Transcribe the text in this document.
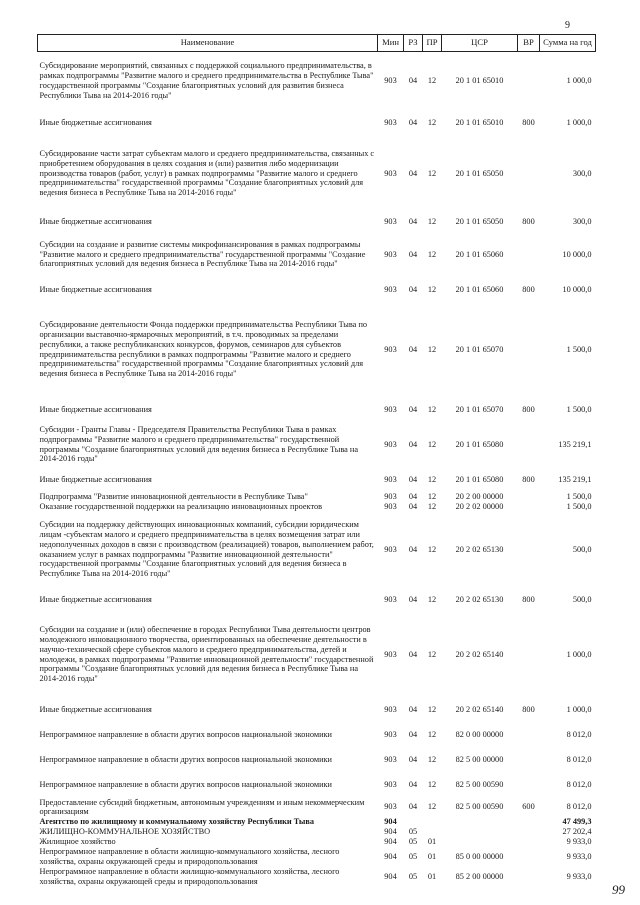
9
Наименование	Мин	РЗ	ПР	ЦСР	ВР	Сумма на год
Субсидирование мероприятий, связанных с поддержкой социального предпринимательства, в рамках подпрограммы "Развитие малого и среднего предпринимательства в Республике Тыва" государственной программы "Создание благоприятных условий для развития бизнеса Республики Тыва на 2014-2016 годы"	903	04	12	20 1 01 65010		1 000,0
Иные бюджетные ассигнования	903	04	12	20 1 01 65010	800	1 000,0
Субсидирование части затрат субъектам малого и среднего предпринимательства, связанных с приобретением оборудования в целях создания и (или) развития либо модернизации производства товаров (работ, услуг) в рамках подпрограммы "Развитие малого и среднего предпринимательства" государственной программы "Создание благоприятных условий для ведения бизнеса в Республике Тыва на 2014-2016 годы"	903	04	12	20 1 01 65050		300,0
Иные бюджетные ассигнования	903	04	12	20 1 01 65050	800	300,0
Субсидии на создание и развитие системы микрофинансирования в рамках подпрограммы "Развитие малого и среднего предпринимательства" государственной программы "Создание благоприятных условий для ведения бизнеса в Республике Тыва на 2014-2016 годы"	903	04	12	20 1 01 65060		10 000,0
Иные бюджетные ассигнования	903	04	12	20 1 01 65060	800	10 000,0
Субсидирование деятельности Фонда поддержки предпринимательства Республики Тыва по организации выставочно-ярмарочных мероприятий, в т.ч. проводимых за пределами республики, а также республиканских конкурсов, форумов, семинаров для субъектов предпринимательства республики в рамках подпрограммы "Развитие малого и среднего предпринимательства" государственной программы "Создание благоприятных условий для ведения бизнеса в Республике Тыва на 2014-2016 годы"	903	04	12	20 1 01 65070		1 500,0
Иные бюджетные ассигнования	903	04	12	20 1 01 65070	800	1 500,0
Субсидии - Гранты Главы - Председателя Правительства Республики Тыва в рамках подпрограммы "Развитие малого и среднего предпринимательства" государственной программы "Создание благоприятных условий для ведения бизнеса в Республике Тыва на 2014-2016 годы"	903	04	12	20 1 01 65080		135 219,1
Иные бюджетные ассигнования	903	04	12	20 1 01 65080	800	135 219,1
Подпрограмма "Развитие инновационной деятельности в Республике Тыва"	903	04	12	20 2 00 00000		1 500,0
Оказание государственной поддержки на реализацию инновационных проектов	903	04	12	20 2 02 00000		1 500,0
Субсидии на поддержку действующих инновационных компаний, субсидии юридическим лицам -субъектам малого и среднего предпринимательства в целях возмещения затрат или недополученных доходов в связи с производством (реализацией) товаров, выполнением работ, оказанием услуг в рамках подпрограммы "Развитие инновационной деятельности" государственной программы "Создание благоприятных условий для ведения бизнеса в Республике Тыва на 2014-2016 годы"	903	04	12	20 2 02 65130		500,0
Иные бюджетные ассигнования	903	04	12	20 2 02 65130	800	500,0
Субсидии на создание и (или) обеспечение в городах Республики Тыва деятельности центров молодежного инновационного творчества, ориентированных на обеспечение деятельности в научно-технической сфере субъектов малого и среднего предпринимательства, детей и молодежи, в рамках подпрограммы "Развитие инновационной деятельности" государственной программы "Создание благоприятных условий для ведения бизнеса в Республике Тыва на 2014-2016 годы"	903	04	12	20 2 02 65140		1 000,0
Иные бюджетные ассигнования	903	04	12	20 2 02 65140	800	1 000,0
Непрограммное направление в области других вопросов национальной экономики	903	04	12	82 0 00 00000		8 012,0
Непрограммное направление в области других вопросов национальной экономики	903	04	12	82 5 00 00000		8 012,0
Непрограммное направление в области других вопросов национальной экономики	903	04	12	82 5 00 00590		8 012,0
Предоставление субсидий бюджетным, автономным учреждениям и иным некоммерческим организациям	903	04	12	82 5 00 00590	600	8 012,0
Агентство по жилищному и коммунальному хозяйству Республики Тыва	904					47 499,3
ЖИЛИЩНО-КОММУНАЛЬНОЕ ХОЗЯЙСТВО	904	05				27 202,4
Жилищное хозяйство	904	05	01			9 933,0
Непрограммное направление в области жилищно-коммунального хозяйства, лесного хозяйства, охраны окружающей среды и природопользования	904	05	01	85 0 00 00000		9 933,0
Непрограммное направление в области жилищно-коммунального хозяйства, лесного хозяйства, охраны окружающей среды и природопользования	904	05	01	85 2 00 00000		9 933,0
99
